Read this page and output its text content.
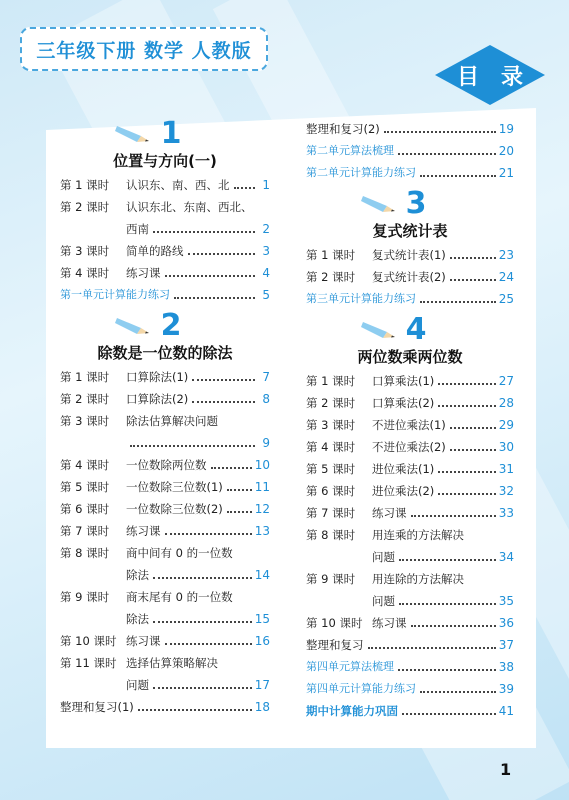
三年级下册 数学 人教版
目 录
1
位置与方向(一)
第 1 课时	认识东、南、西、北	1
第 2 课时	认识东北、东南、西北、
西南	2
第 3 课时	简单的路线	3
第 4 课时	练习课	4
第一单元计算能力练习	5
2
除数是一位数的除法
第 1 课时	口算除法(1)	7
第 2 课时	口算除法(2)	8
第 3 课时	除法估算解决问题
9
第 4 课时	一位数除两位数	10
第 5 课时	一位数除三位数(1)	11
第 6 课时	一位数除三位数(2)	12
第 7 课时	练习课	13
第 8 课时	商中间有 0 的一位数
除法	14
第 9 课时	商末尾有 0 的一位数
除法	15
第 10 课时 练习课	16
第 11 课时 选择估算策略解决
问题	17
整理和复习(1)	18
整理和复习(2)	19
第二单元算法梳理	20
第二单元计算能力练习	21
3
复式统计表
第 1 课时	复式统计表(1)	23
第 2 课时	复式统计表(2)	24
第三单元计算能力练习	25
4
两位数乘两位数
第 1 课时	口算乘法(1)	27
第 2 课时	口算乘法(2)	28
第 3 课时	不进位乘法(1)	29
第 4 课时	不进位乘法(2)	30
第 5 课时	进位乘法(1)	31
第 6 课时	进位乘法(2)	32
第 7 课时	练习课	33
第 8 课时	用连乘的方法解决
问题	34
第 9 课时	用连除的方法解决
问题	35
第 10 课时 练习课	36
整理和复习	37
第四单元算法梳理	38
第四单元计算能力练习	39
期中计算能力巩固	41
1
